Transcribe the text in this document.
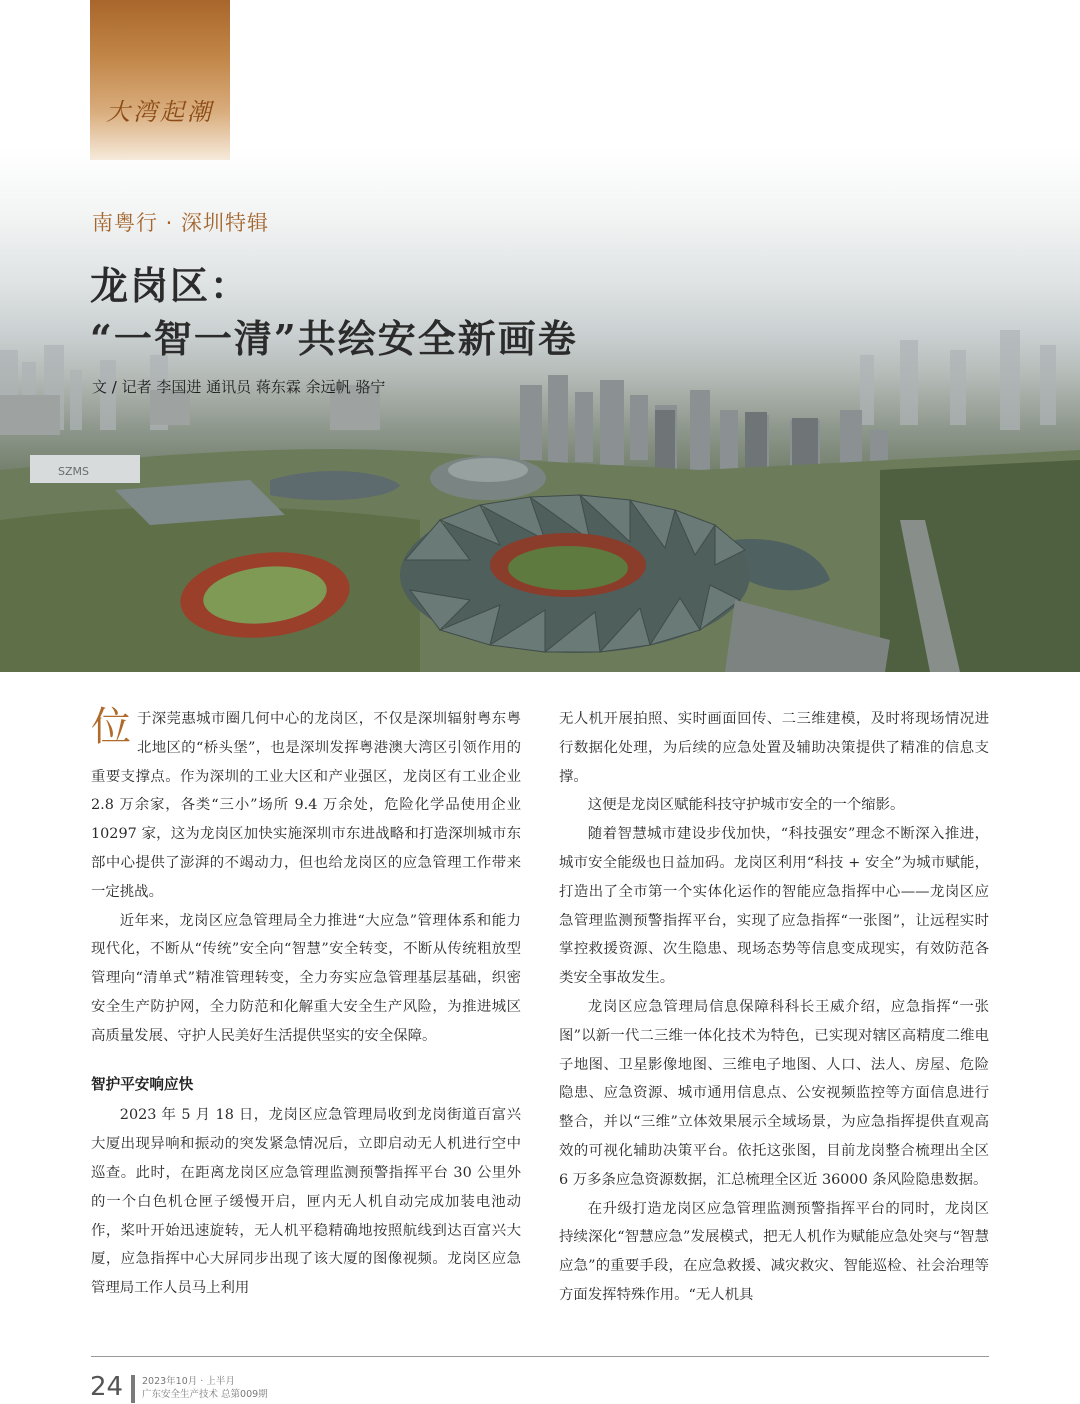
SZMS
大湾起潮
南粤行 · 深圳特辑
龙岗区：
“一智一清”共绘安全新画卷
文 / 记者 李国进 通讯员 蒋东霖 余远帆 骆宁

位于深莞惠城市圈几何中心的龙岗区，不仅是深圳辐射粤东粤北地区的“桥头堡”，也是深圳发挥粤港澳大湾区引领作用的重要支撑点。作为深圳的工业大区和产业强区，龙岗区有工业企业 2.8 万余家，各类“三小”场所 9.4 万余处，危险化学品使用企业 10297 家，这为龙岗区加快实施深圳市东进战略和打造深圳城市东部中心提供了澎湃的不竭动力，但也给龙岗区的应急管理工作带来一定挑战。

近年来，龙岗区应急管理局全力推进“大应急”管理体系和能力现代化，不断从“传统”安全向“智慧”安全转变，不断从传统粗放型管理向“清单式”精准管理转变，全力夯实应急管理基层基础，织密安全生产防护网，全力防范和化解重大安全生产风险，为推进城区高质量发展、守护人民美好生活提供坚实的安全保障。

智护平安响应快

2023 年 5 月 18 日，龙岗区应急管理局收到龙岗街道百富兴大厦出现异响和振动的突发紧急情况后，立即启动无人机进行空中巡查。此时，在距离龙岗区应急管理监测预警指挥平台 30 公里外的一个白色机仓匣子缓慢开启，匣内无人机自动完成加装电池动作，桨叶开始迅速旋转，无人机平稳精确地按照航线到达百富兴大厦，应急指挥中心大屏同步出现了该大厦的图像视频。龙岗区应急管理局工作人员马上利用

无人机开展拍照、实时画面回传、二三维建模，及时将现场情况进行数据化处理，为后续的应急处置及辅助决策提供了精准的信息支撑。

这便是龙岗区赋能科技守护城市安全的一个缩影。

随着智慧城市建设步伐加快，“科技强安”理念不断深入推进，城市安全能级也日益加码。龙岗区利用“科技 + 安全”为城市赋能，打造出了全市第一个实体化运作的智能应急指挥中心——龙岗区应急管理监测预警指挥平台，实现了应急指挥“一张图”，让远程实时掌控救援资源、次生隐患、现场态势等信息变成现实，有效防范各类安全事故发生。

龙岗区应急管理局信息保障科科长王威介绍，应急指挥“一张图”以新一代二三维一体化技术为特色，已实现对辖区高精度二维电子地图、卫星影像地图、三维电子地图、人口、法人、房屋、危险隐患、应急资源、城市通用信息点、公安视频监控等方面信息进行整合，并以“三维”立体效果展示全域场景，为应急指挥提供直观高效的可视化辅助决策平台。依托这张图，目前龙岗整合梳理出全区 6 万多条应急资源数据，汇总梳理全区近 36000 条风险隐患数据。

在升级打造龙岗区应急管理监测预警指挥平台的同时，龙岗区持续深化“智慧应急”发展模式，把无人机作为赋能应急处突与“智慧应急”的重要手段，在应急救援、减灾救灾、智能巡检、社会治理等方面发挥特殊作用。“无人机具

24 2023年10月 · 上半月
广东安全生产技术 总第009期
